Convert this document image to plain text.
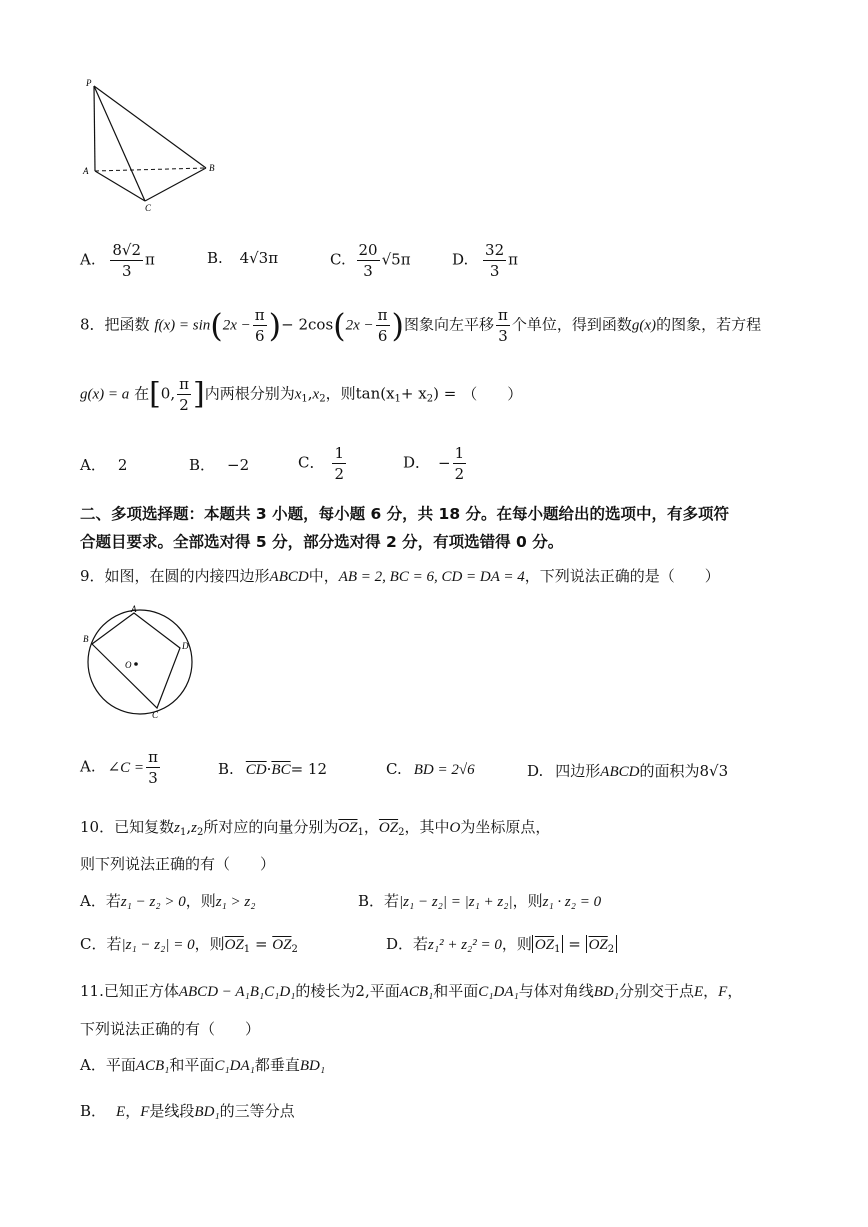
P
A	B
C
A. $\frac{8√2}{3}$ π	B. 4√3π	C. $\frac{20}{3} √5\pi$	D. $\frac{32}{3}$ π
8．把函数 $f(x) = \sin(2x - \frac{\pi}{6}$ )− $2\cos(2x - \frac{\pi}{6}$ )图象向左平移 $\frac{\pi}{3}$ 个单位，得到函数g(x)的图象，若方程
g(x) = a 在[0, $\frac{\pi}{2}$ ]内两根分别为$x_1,x_2$，则$\tan(x_1+ x_2)$ = （　　）
A． 2	B． −2	C． $\frac{1}{2}$	D． − $\frac{1}{2}$
二、多项选择题：本题共 3 小题，每小题 6 分，共 18 分。在每小题给出的选项中，有多项符
合题目要求。全部选对得 5 分，部分选对得 2 分，有项选错得 0 分。
9．如图，在圆的内接四边形ABCD中，AB = 2, BC = 6, CD = DA = 4，下列说法正确的是（　　）
A
B
C
D
O
A. ∠C = $\frac{\pi}{3}$	B. $\overline{CD}\cdot\overline{BC}= 12$	C. BD = 2√6	D. 四边形ABCD的面积为8√3
10．已知复数$z_1,z_2$所对应的向量分别为$\overline{OZ}_1$，$\overline{OZ}_2$，其中O为坐标原点，
则下列说法正确的有（　　）
A．若z₁ − z₂ > 0，则z₁ > z₂	B．若|z₁ − z₂| = |z₁ + z₂|，则z₁ · z₂ = 0
C．若|z₁ − z₂| = 0，则$\overline{OZ}_1 = \overline{OZ}_2$	D．若z₁² + z₂² = 0，则 $\overline{OZ}_1 = \overline{OZ}_2$
11.已知正方体ABCD − A₁B₁C₁D₁的棱长为2,平面ACB₁和平面C₁DA₁与体对角线BD₁分别交于点E，F，
下列说法正确的有（　　）
A．平面ACB₁和平面C₁DA₁都垂直BD₁
B． E，F是线段BD₁的三等分点
